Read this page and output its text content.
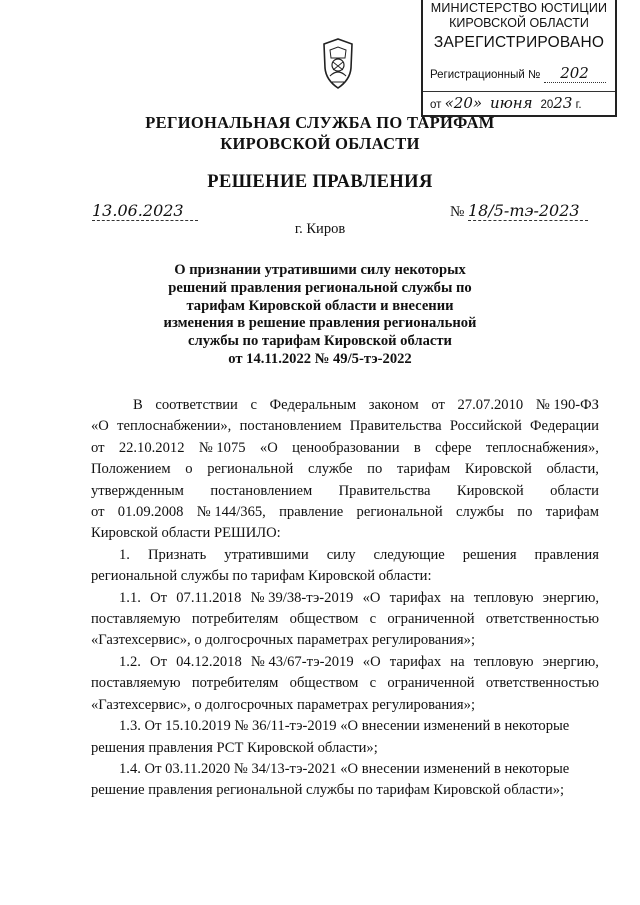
МИНИСТЕРСТВО ЮСТИЦИИ
КИРОВСКОЙ ОБЛАСТИ
ЗАРЕГИСТРИРОВАНО
Регистрационный № 202
от «20» июня 2023 г.
РЕГИОНАЛЬНАЯ СЛУЖБА ПО ТАРИФАМ
КИРОВСКОЙ ОБЛАСТИ
РЕШЕНИЕ ПРАВЛЕНИЯ
13.06.2023	№ 18/5-тэ-2023
г. Киров
О признании утратившими силу некоторых
решений правления региональной службы по
тарифам Кировской области и внесении
изменения в решение правления региональной
службы по тарифам Кировской области
от 14.11.2022 № 49/5-тэ-2022
В соответствии с Федеральным законом от 27.07.2010 № 190-ФЗ
«О теплоснабжении», постановлением Правительства Российской Федерации
от 22.10.2012 № 1075 «О ценообразовании в сфере теплоснабжения»,
Положением о региональной службе по тарифам Кировской области,
утвержденным постановлением Правительства Кировской области
от 01.09.2008 № 144/365, правление региональной службы по тарифам
Кировской области РЕШИЛО:
1. Признать утратившими силу следующие решения правления
региональной службы по тарифам Кировской области:
1.1. От 07.11.2018 № 39/38-тэ-2019 «О тарифах на тепловую энергию,
поставляемую потребителям обществом с ограниченной ответственностью
«Газтехсервис», о долгосрочных параметрах регулирования»;
1.2. От 04.12.2018 № 43/67-тэ-2019 «О тарифах на тепловую энергию,
поставляемую потребителям обществом с ограниченной ответственностью
«Газтехсервис», о долгосрочных параметрах регулирования»;
1.3. От 15.10.2019 № 36/11-тэ-2019 «О внесении изменений в некоторые
решения правления РСТ Кировской области»;
1.4. От 03.11.2020 № 34/13-тэ-2021 «О внесении изменений в некоторые
решение правления региональной службы по тарифам Кировской области»;
